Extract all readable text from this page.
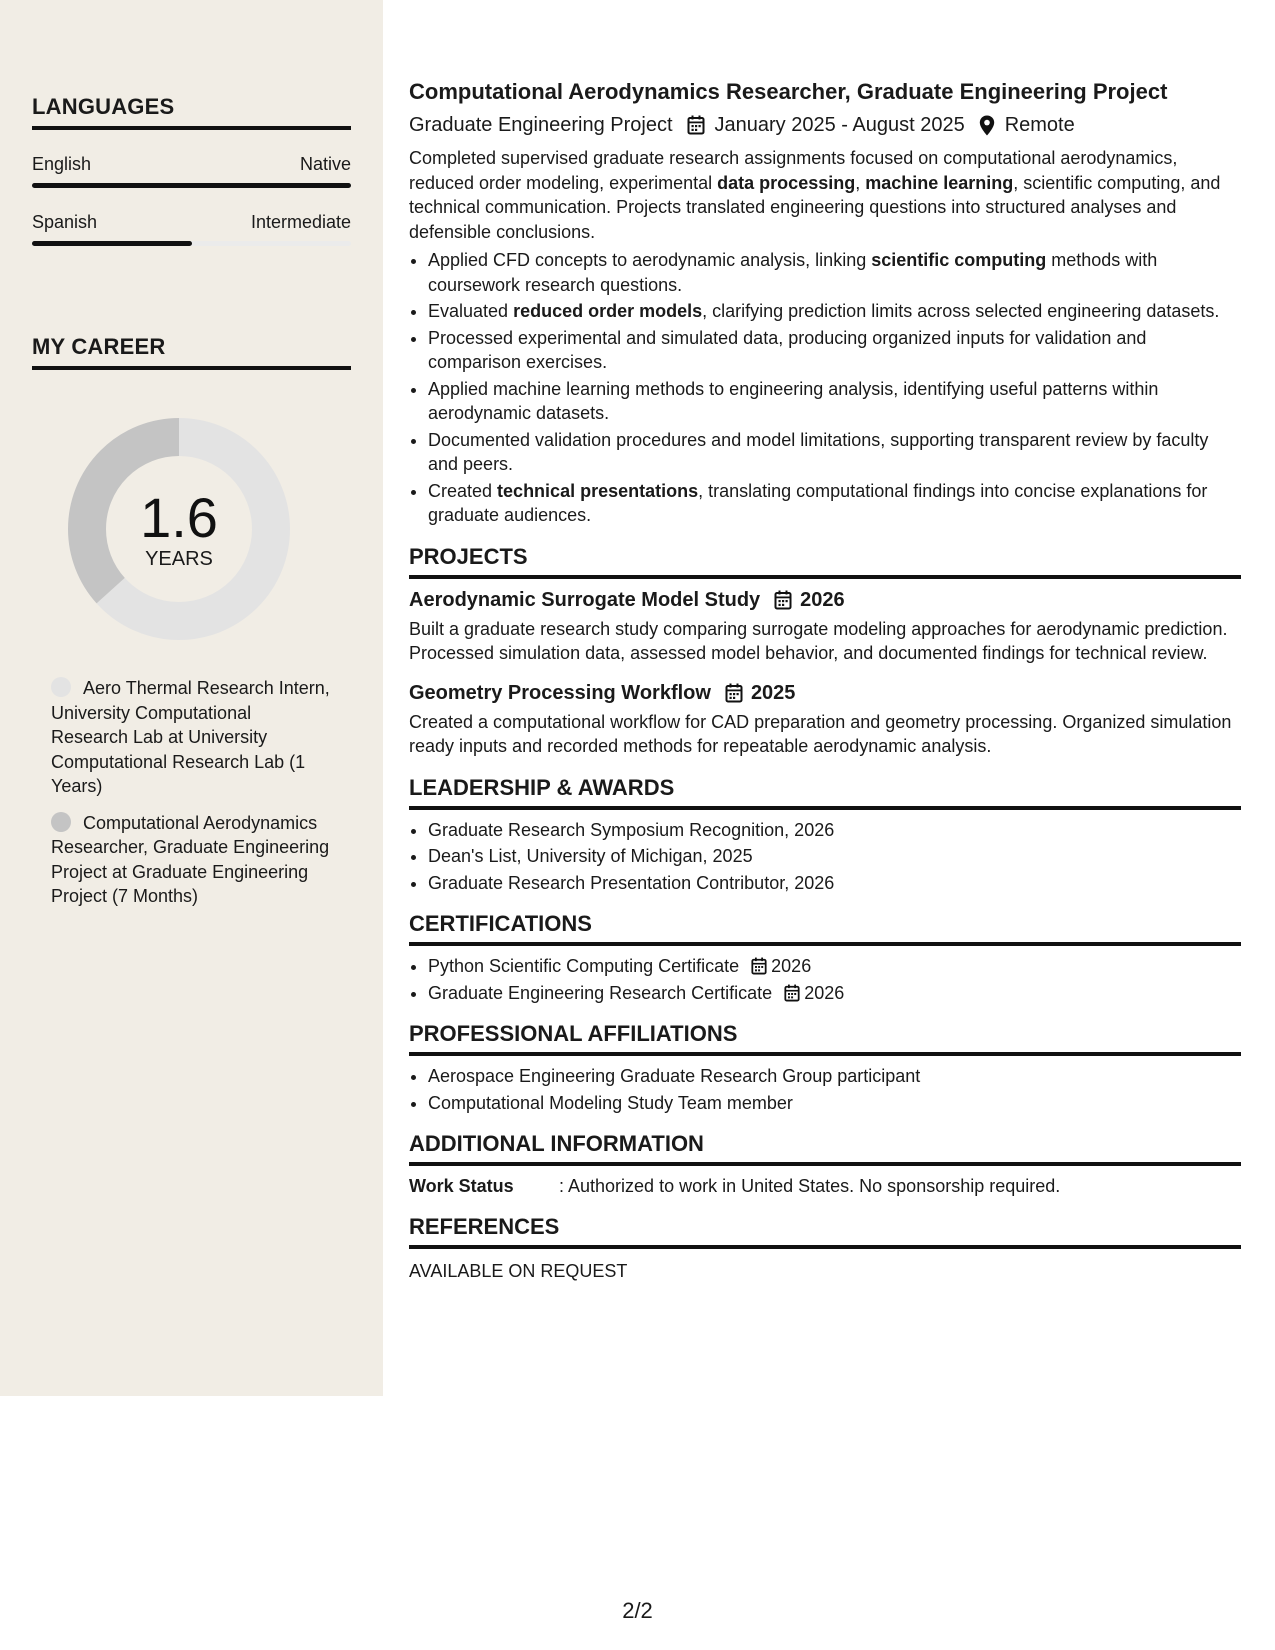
LANGUAGES
English	Native
Spanish	Intermediate
MY CAREER
1.6
YEARS
Aero Thermal Research Intern, University Computational Research Lab at University Computational Research Lab (1 Years)
Computational Aerodynamics Researcher, Graduate Engineering Project at Graduate Engineering Project (7 Months)
Computational Aerodynamics Researcher, Graduate Engineering Project
Graduate Engineering Project January 2025 - August 2025 Remote

Completed supervised graduate research assignments focused on computational aerodynamics, reduced order modeling, experimental data processing, machine learning, scientific computing, and technical communication. Projects translated engineering questions into structured analyses and defensible conclusions.

• Applied CFD concepts to aerodynamic analysis, linking scientific computing methods with coursework research questions.
• Evaluated reduced order models, clarifying prediction limits across selected engineering datasets.
• Processed experimental and simulated data, producing organized inputs for validation and comparison exercises.
• Applied machine learning methods to engineering analysis, identifying useful patterns within aerodynamic datasets.
• Documented validation procedures and model limitations, supporting transparent review by faculty and peers.
• Created technical presentations, translating computational findings into concise explanations for graduate audiences.
PROJECTS
Aerodynamic Surrogate Model Study 2026

Built a graduate research study comparing surrogate modeling approaches for aerodynamic prediction. Processed simulation data, assessed model behavior, and documented findings for technical review.

Geometry Processing Workflow 2025

Created a computational workflow for CAD preparation and geometry processing. Organized simulation ready inputs and recorded methods for repeatable aerodynamic analysis.

LEADERSHIP & AWARDS
• Graduate Research Symposium Recognition, 2026
• Dean's List, University of Michigan, 2025
• Graduate Research Presentation Contributor, 2026
CERTIFICATIONS
• Python Scientific Computing Certificate 2026
• Graduate Engineering Research Certificate 2026
PROFESSIONAL AFFILIATIONS
• Aerospace Engineering Graduate Research Group participant
• Computational Modeling Study Team member
ADDITIONAL INFORMATION
Work Status	: Authorized to work in United States. No sponsorship required.
REFERENCES

AVAILABLE ON REQUEST

2/2
